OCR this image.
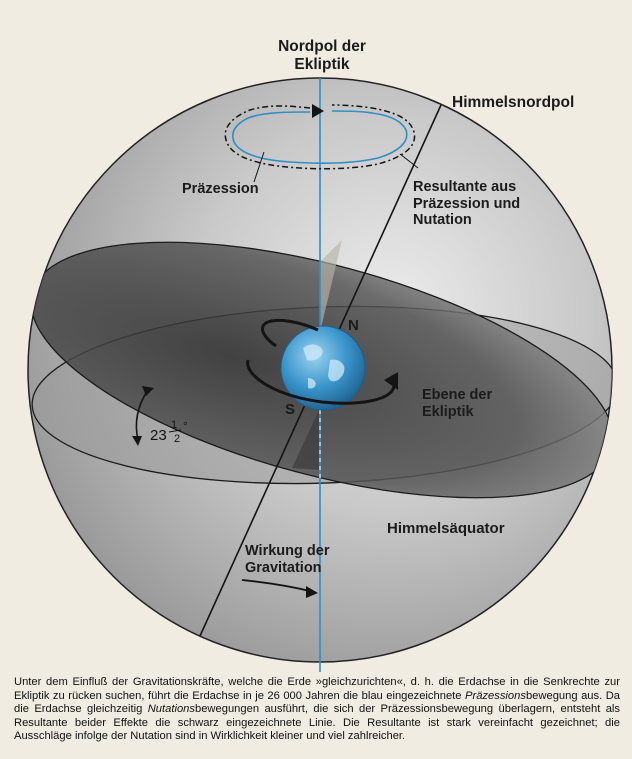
23
1
2
°

Nordpol der
Ekliptik

Himmelsnordpol

Präzession	Resultante aus
Präzession und
Nutation

N

S

Ebene der
Ekliptik

Himmelsäquator

Wirkung der
Gravitation

Unter dem Einfluß der Gravitationskräfte, welche die Erde »gleichzurichten«, d. h. die Erdachse in die Senkrechte zur Ekliptik zu rücken suchen, führt die Erdachse in je 26 000 Jahren die blau eingezeichnete Präzessionsbewegung aus. Da die Erdachse gleichzeitig Nutationsbewegungen ausführt, die sich der Präzessionsbewegung überlagern, entsteht als Resultante beider Effekte die schwarz eingezeichnete Linie. Die Resultante ist stark vereinfacht gezeichnet; die Ausschläge infolge der Nutation sind in Wirklichkeit kleiner und viel zahlreicher.
